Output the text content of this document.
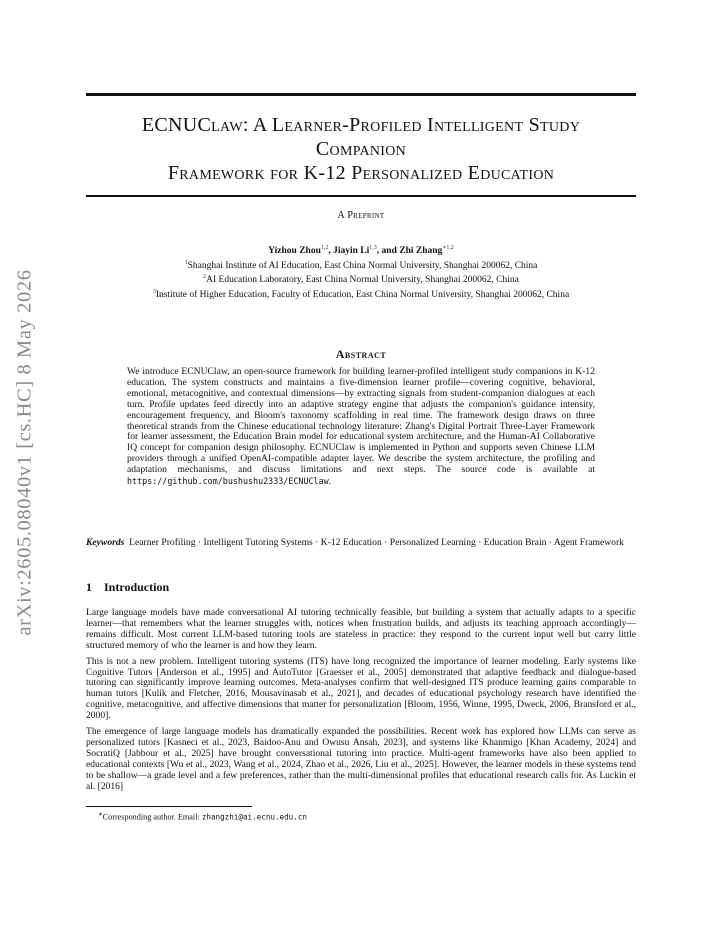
arXiv:2605.08040v1 [cs.HC] 8 May 2026
ECNUClaw: A Learner-Profiled Intelligent Study
Companion
Framework for K-12 Personalized Education
A Preprint
Yizhou Zhou$^{1,2}$, Jiayin Li$^{1,3}$, and Zhi Zhang$^{∗1,2}$
$^1$Shanghai Institute of AI Education, East China Normal University, Shanghai 200062, China
$^2$AI Education Laboratory, East China Normal University, Shanghai 200062, China
$^3$Institute of Higher Education, Faculty of Education, East China Normal University, Shanghai 200062, China
Abstract
We introduce ECNUClaw, an open-source framework for building learner-profiled intelligent study companions in K-12 education. The system constructs and maintains a five-dimension learner profile—covering cognitive, behavioral, emotional, metacognitive, and contextual dimensions—by extracting signals from student-companion dialogues at each turn. Profile updates feed directly into an adaptive strategy engine that adjusts the companion's guidance intensity, encouragement frequency, and Bloom's taxonomy scaffolding in real time. The framework design draws on three theoretical strands from the Chinese educational technology literature: Zhang's Digital Portrait Three-Layer Framework for learner assessment, the Education Brain model for educational system architecture, and the Human-AI Collaborative IQ concept for companion design philosophy. ECNUClaw is implemented in Python and supports seven Chinese LLM providers through a unified OpenAI-compatible adapter layer. We describe the system architecture, the profiling and adaptation mechanisms, and discuss limitations and next steps. The source code is available at https://github.com/bushushu2333/ECNUClaw.
Keywords Learner Profiling · Intelligent Tutoring Systems · K-12 Education · Personalized Learning · Education Brain · Agent Framework
1 Introduction

Large language models have made conversational AI tutoring technically feasible, but building a system that actually adapts to a specific learner—that remembers what the learner struggles with, notices when frustration builds, and adjusts its teaching approach accordingly—remains difficult. Most current LLM-based tutoring tools are stateless in practice: they respond to the current input well but carry little structured memory of who the learner is and how they learn.

This is not a new problem. Intelligent tutoring systems (ITS) have long recognized the importance of learner modeling. Early systems like Cognitive Tutors [Anderson et al., 1995] and AutoTutor [Graesser et al., 2005] demonstrated that adaptive feedback and dialogue-based tutoring can significantly improve learning outcomes. Meta-analyses confirm that well-designed ITS produce learning gains comparable to human tutors [Kulik and Fletcher, 2016, Mousavinasab et al., 2021], and decades of educational psychology research have identified the cognitive, metacognitive, and affective dimensions that matter for personalization [Bloom, 1956, Winne, 1995, Dweck, 2006, Bransford et al., 2000].

The emergence of large language models has dramatically expanded the possibilities. Recent work has explored how LLMs can serve as personalized tutors [Kasneci et al., 2023, Baidoo-Anu and Owusu Ansah, 2023], and systems like Khanmigo [Khan Academy, 2024] and SocratiQ [Jabbour et al., 2025] have brought conversational tutoring into practice. Multi-agent frameworks have also been applied to educational contexts [Wu et al., 2023, Wang et al., 2024, Zhao et al., 2026, Liu et al., 2025]. However, the learner models in these systems tend to be shallow—a grade level and a few preferences, rather than the multi-dimensional profiles that educational research calls for. As Luckin et al. [2016]

∗Corresponding author. Email: zhangzhi@ai.ecnu.edu.cn
